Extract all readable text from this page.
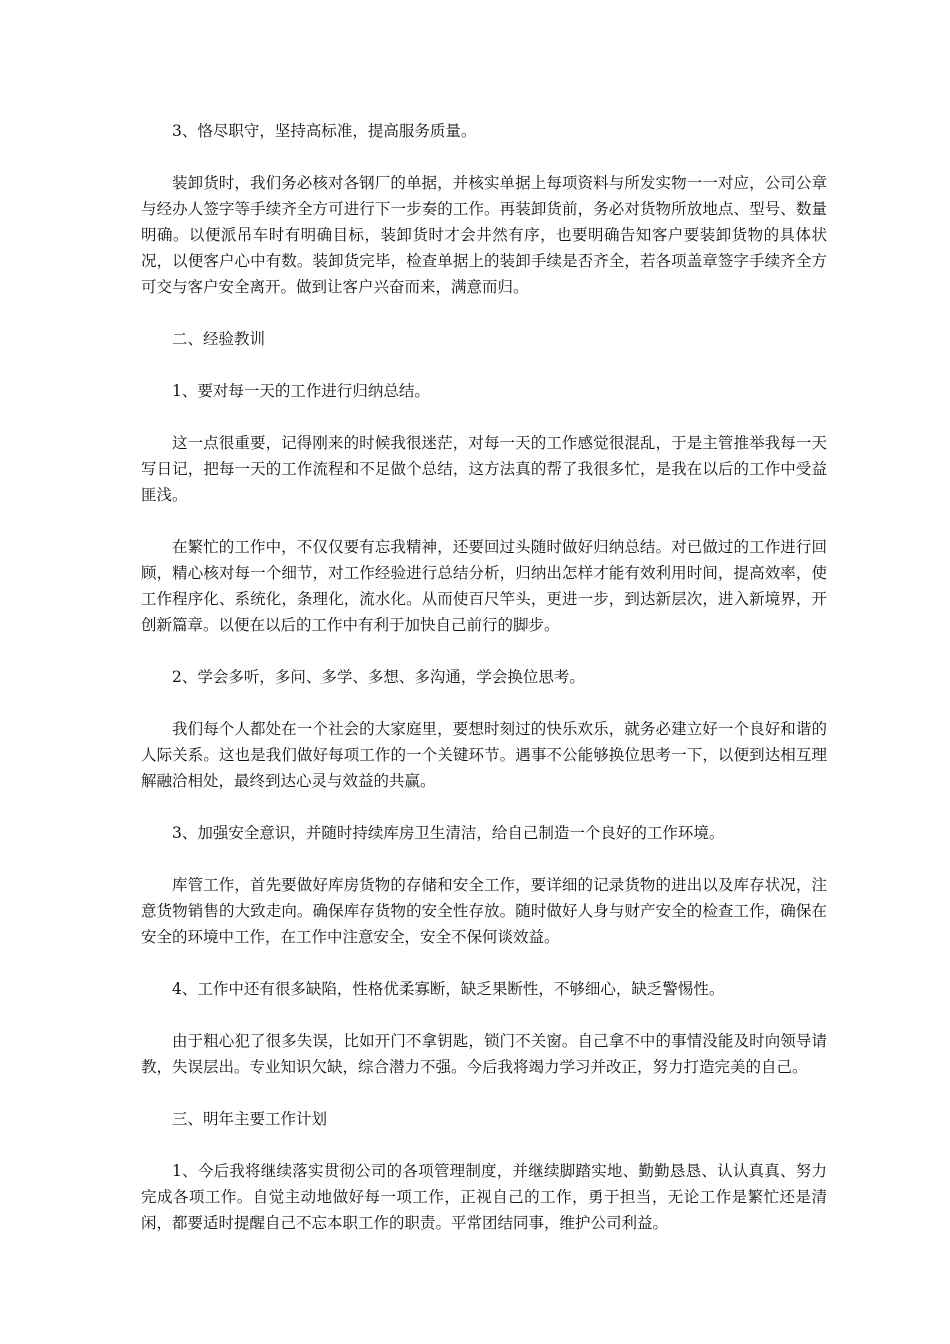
3、恪尽职守，坚持高标准，提高服务质量。

装卸货时，我们务必核对各钢厂的单据，并核实单据上每项资料与所发实物一一对应，公司公章与经办人签字等手续齐全方可进行下一步奏的工作。再装卸货前，务必对货物所放地点、型号、数量明确。以便派吊车时有明确目标，装卸货时才会井然有序，也要明确告知客户要装卸货物的具体状况，以便客户心中有数。装卸货完毕，检查单据上的装卸手续是否齐全，若各项盖章签字手续齐全方可交与客户安全离开。做到让客户兴奋而来，满意而归。

二、经验教训

1、要对每一天的工作进行归纳总结。

这一点很重要，记得刚来的时候我很迷茫，对每一天的工作感觉很混乱，于是主管推举我每一天写日记，把每一天的工作流程和不足做个总结，这方法真的帮了我很多忙，是我在以后的工作中受益匪浅。

在繁忙的工作中，不仅仅要有忘我精神，还要回过头随时做好归纳总结。对已做过的工作进行回顾，精心核对每一个细节，对工作经验进行总结分析，归纳出怎样才能有效利用时间，提高效率，使工作程序化、系统化，条理化，流水化。从而使百尺竿头，更进一步，到达新层次，进入新境界，开创新篇章。以便在以后的工作中有利于加快自己前行的脚步。

2、学会多听，多问、多学、多想、多沟通，学会换位思考。

我们每个人都处在一个社会的大家庭里，要想时刻过的快乐欢乐，就务必建立好一个良好和谐的人际关系。这也是我们做好每项工作的一个关键环节。遇事不公能够换位思考一下，以便到达相互理解融洽相处，最终到达心灵与效益的共赢。

3、加强安全意识，并随时持续库房卫生清洁，给自己制造一个良好的工作环境。

库管工作，首先要做好库房货物的存储和安全工作，要详细的记录货物的进出以及库存状况，注意货物销售的大致走向。确保库存货物的安全性存放。随时做好人身与财产安全的检查工作，确保在安全的环境中工作，在工作中注意安全，安全不保何谈效益。

4、工作中还有很多缺陷，性格优柔寡断，缺乏果断性，不够细心，缺乏警惕性。

由于粗心犯了很多失误，比如开门不拿钥匙，锁门不关窗。自己拿不中的事情没能及时向领导请教，失误层出。专业知识欠缺，综合潜力不强。今后我将竭力学习并改正，努力打造完美的自己。

三、明年主要工作计划

1、今后我将继续落实贯彻公司的各项管理制度，并继续脚踏实地、勤勤恳恳、认认真真、努力完成各项工作。自觉主动地做好每一项工作，正视自己的工作，勇于担当，无论工作是繁忙还是清闲，都要适时提醒自己不忘本职工作的职责。平常团结同事，维护公司利益。
